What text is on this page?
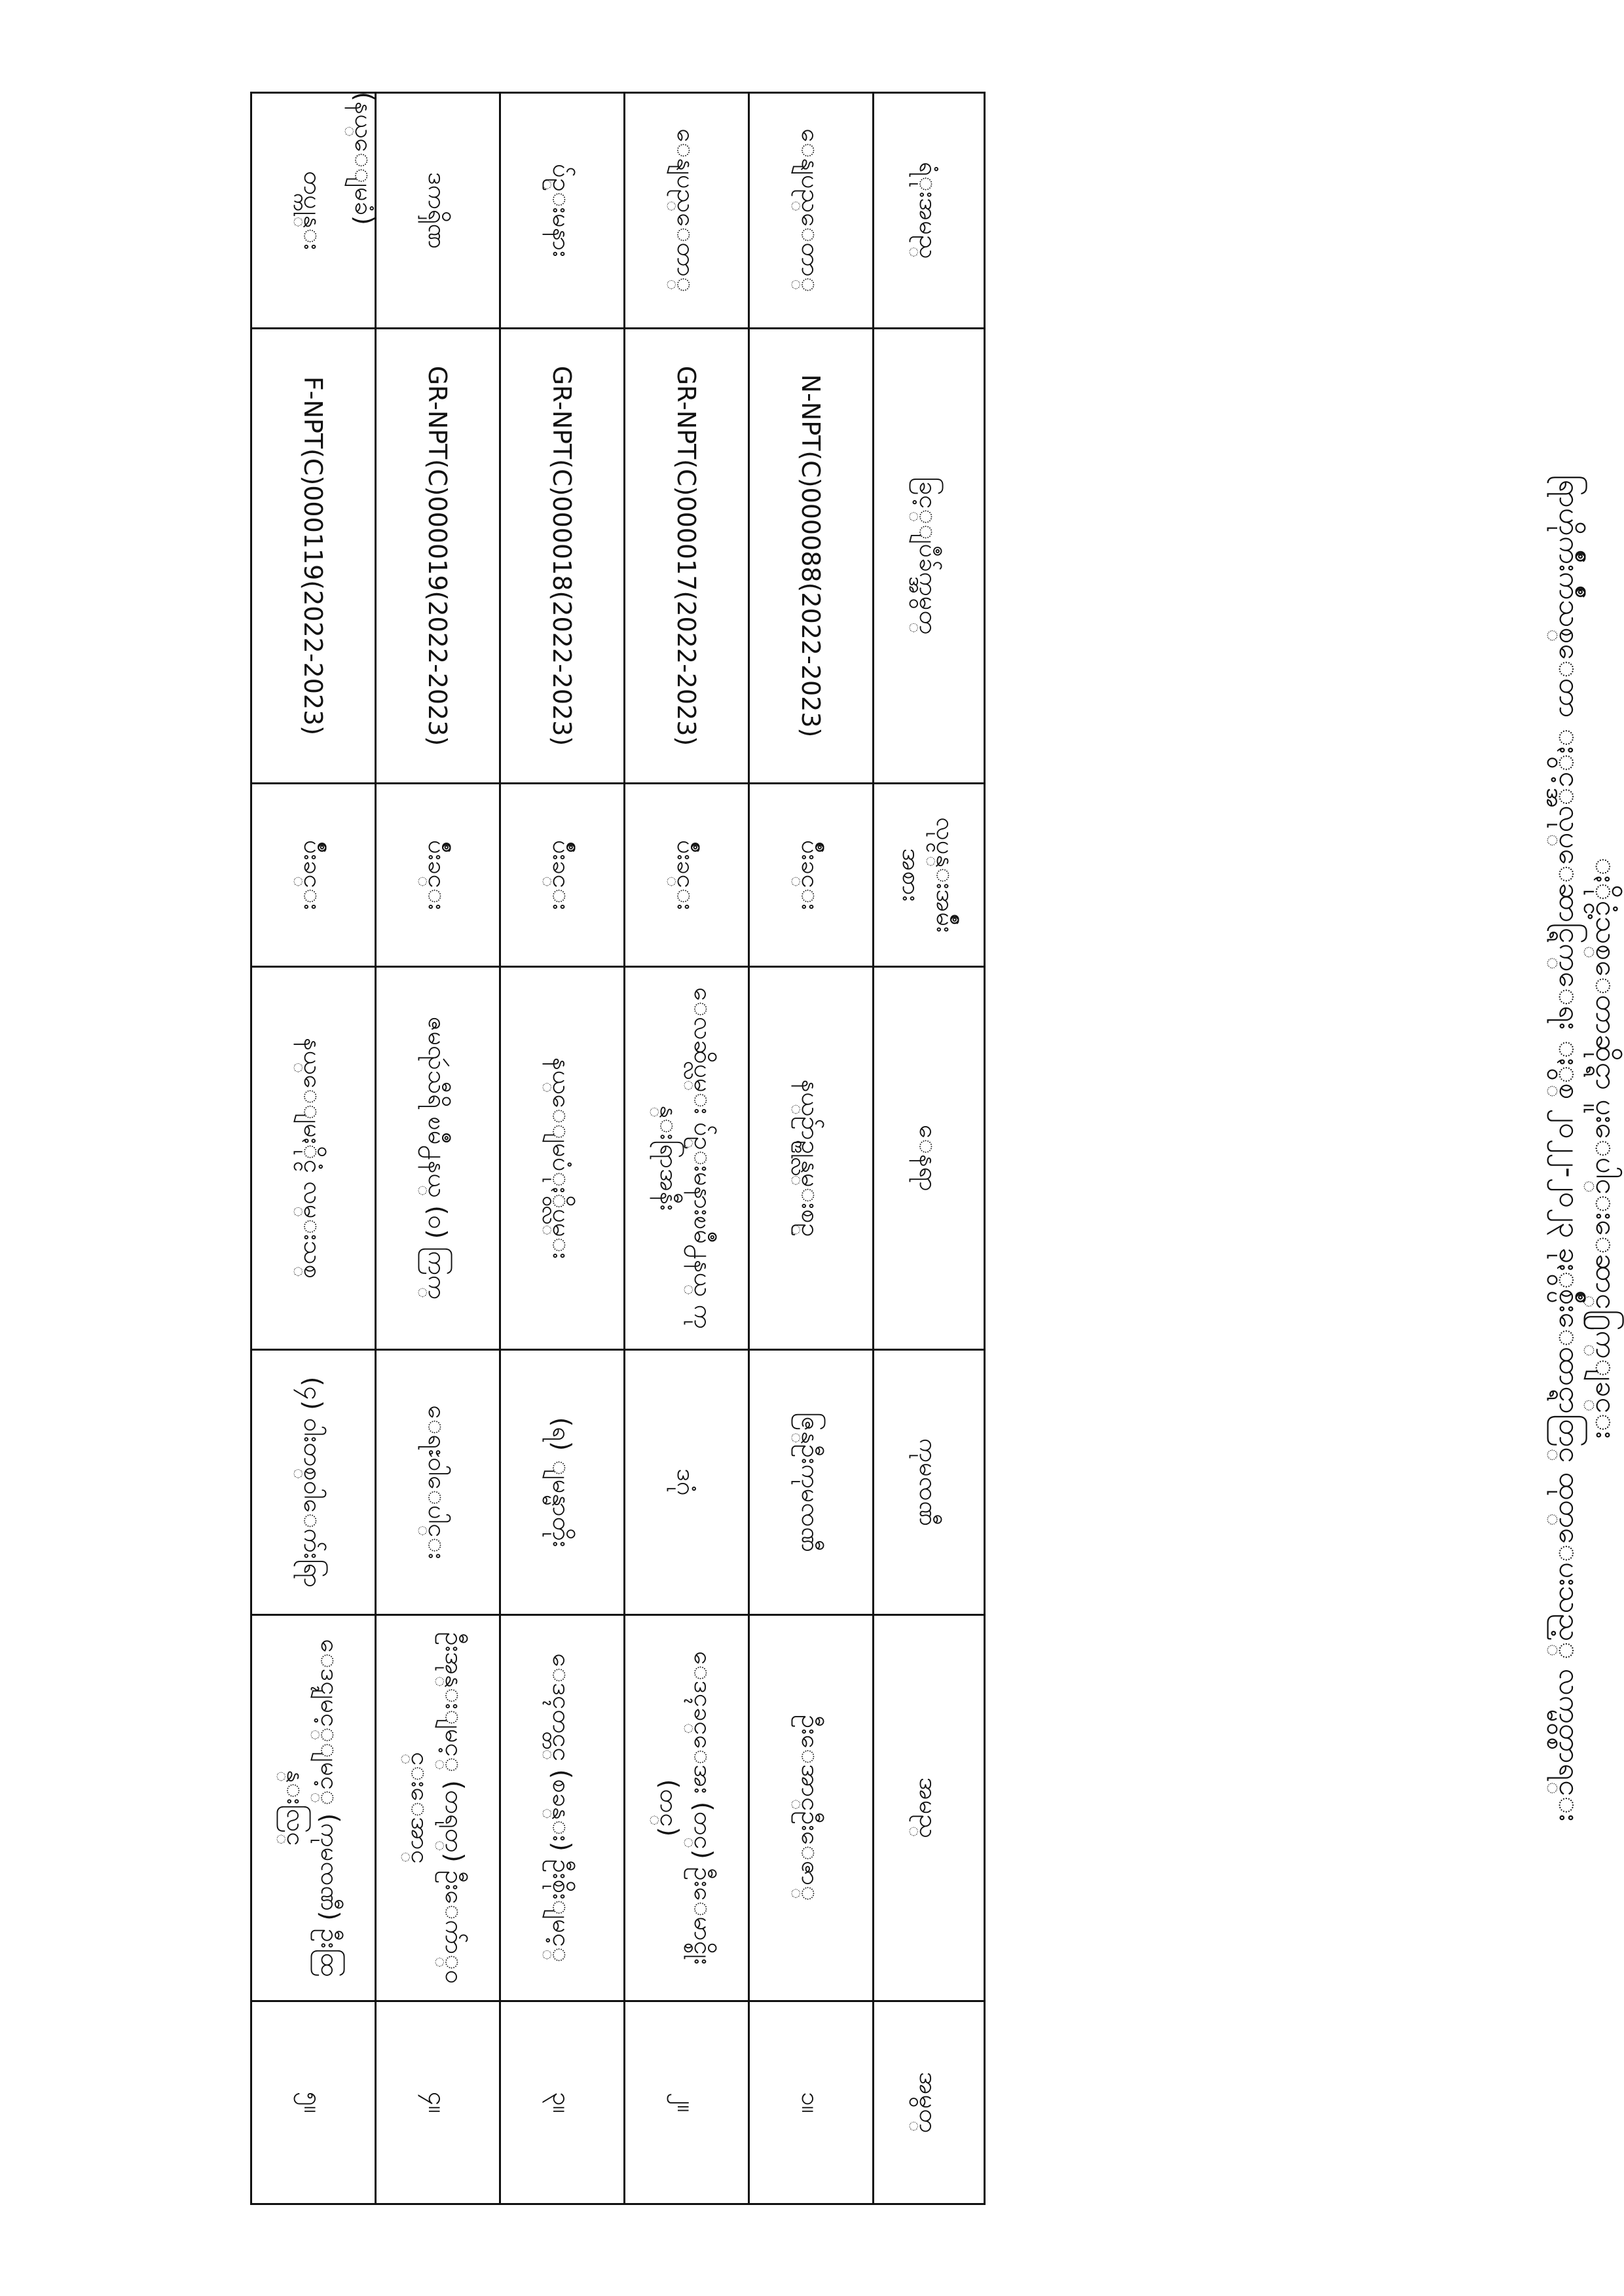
ႏိုင္ငံ့သစ္ေတာဆိုင္ရာ ပူးေပါင္းေဆာင္႐ြက္ျခင္း
ရြာဟိုက်ိဳးက်ိဳသစ္ေတာ ႏွင့္အလုပ္ေဆာင္ရြက္ေရး ႏွစ္ ၂၀၂၂-၂၀၂၃ ခုႏွစ္ပ်ိဳးေထာင္ရာတြင္ ထုတ္ေပးသည့္ လက္မွတ္စာရင္း
(နယ္ေျမခံ)	ရံုးအမည္	ခြင့္ျပဳခ်က္အမွတ္	လုပ္ငန္းအမ်ိဳးအစား	ေနရာ	ကုမၸဏီ	အမည္	အမွတ္
ေနျပည္ေတာ္	N-NPT(C)000088(2022-2023)	ပ်ိဳးခင္း	နယ္ဥ်ာဥ္ကုန္လမ္းစဥ္	ဇြန္ဦးကုမၸဏီ	ဦးေအာင္ဦးေဇာ္	၁။
ေနျပည္ေတာ္	GR-NPT(C)000017(2022-2023)	ပ်ိဳးခင္း	ေလဆိပ္လမ္း ပ်ဥ္းမနားၿမိဳ႕နယ္ ကုန္းရြာအနီး	ဒဂုံ	ေဒၚခင္ေအး (တင္) ဦးေမာင္စိုး (တင္)	၂။
ပ်ဥ္းမနား	GR-NPT(C)000018(2022-2023)	ပ်ိဳးခင္း	နယ္ေျမပံုႏွိပ္လမ္း	(ရ) ျမန္မာတိုး	ေဒၚတင္တင္ (စခန္း) ဦးစိုးျမင့္	၃။
ဒကၡိဏ	GR-NPT(C)000019(2022-2023)	ပ်ိဳးခင္း	ဇမၺဴသီရိ ၿမိဳ႕နယ္ (ဝ) ကြက္	ေရႊဝါေပါင္း	ဦးအုန္းျမင့္ (တရုတ္) ဦးေက်ာ္ဝင္းေအာင္	၄။
တပ္ကုန္း	F-NPT(C)000119(2022-2023)	ပ်ိဳးခင္း	နယ္ေျမႏိုင္ငံ လမ္းသစ္	(၄) ဝါးတစ္ဝါေက်းရြာ	ေဒၚျမင့္ျမင့္ (ကုမၸဏီ) ဦးထြန္းလြင္	၅။
